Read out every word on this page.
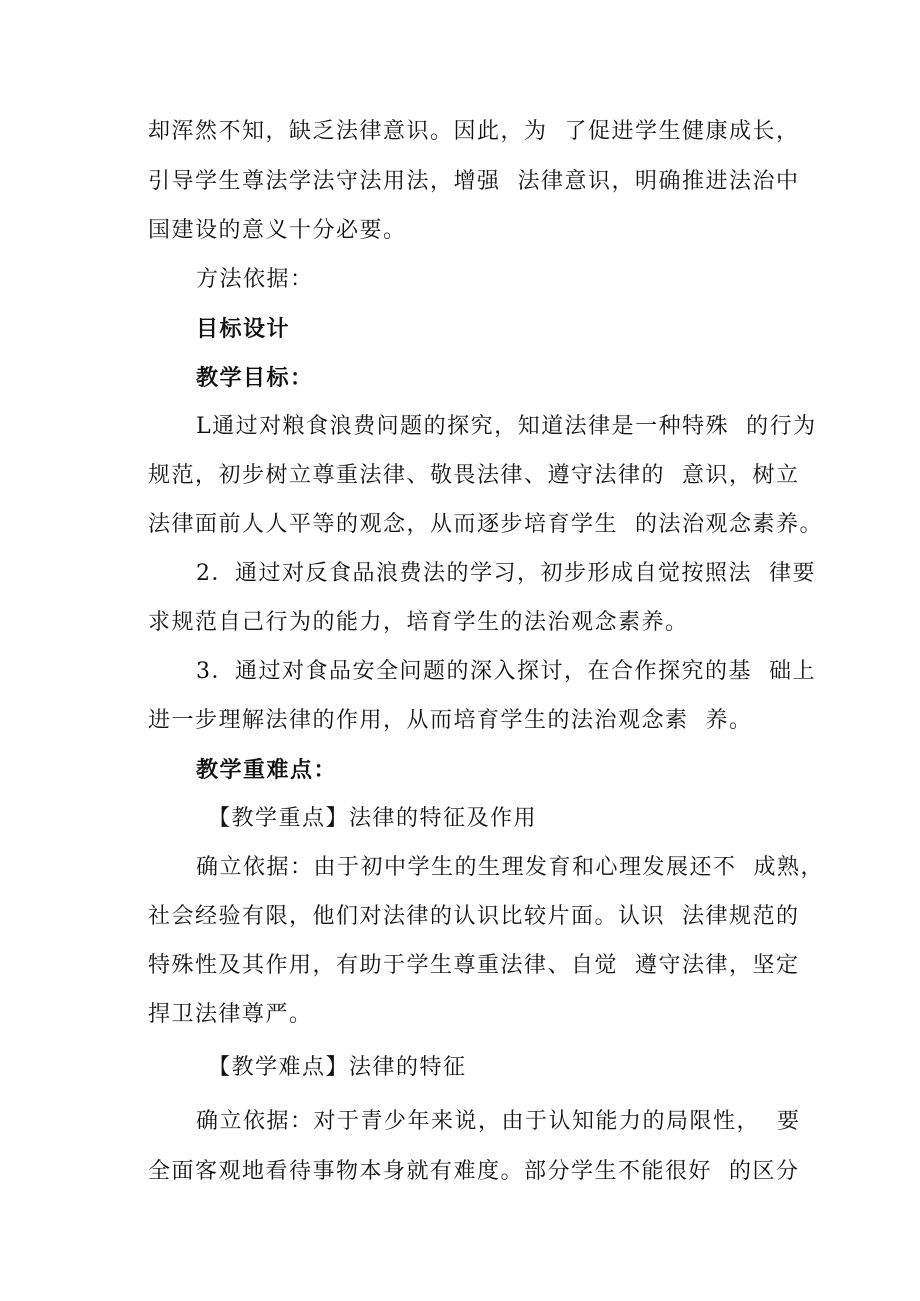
却浑然不知，缺乏法律意识。因此，为  了促进学生健康成长，
引导学生尊法学法守法用法，增强  法律意识，明确推进法治中
国建设的意义十分必要。
方法依据：
目标设计
教学目标：
L通过对粮食浪费问题的探究，知道法律是一种特殊  的行为
规范，初步树立尊重法律、敬畏法律、遵守法律的  意识，树立
法律面前人人平等的观念，从而逐步培育学生  的法治观念素养。
2．通过对反食品浪费法的学习，初步形成自觉按照法  律要
求规范自己行为的能力，培育学生的法治观念素养。
3．通过对食品安全问题的深入探讨，在合作探究的基  础上
进一步理解法律的作用，从而培育学生的法治观念素  养。
教学重难点：
【教学重点】法律的特征及作用
确立依据：由于初中学生的生理发育和心理发展还不  成熟，
社会经验有限，他们对法律的认识比较片面。认识  法律规范的
特殊性及其作用，有助于学生尊重法律、自觉  遵守法律，坚定
捍卫法律尊严。
【教学难点】法律的特征
确立依据：对于青少年来说，由于认知能力的局限性，  要
全面客观地看待事物本身就有难度。部分学生不能很好  的区分
